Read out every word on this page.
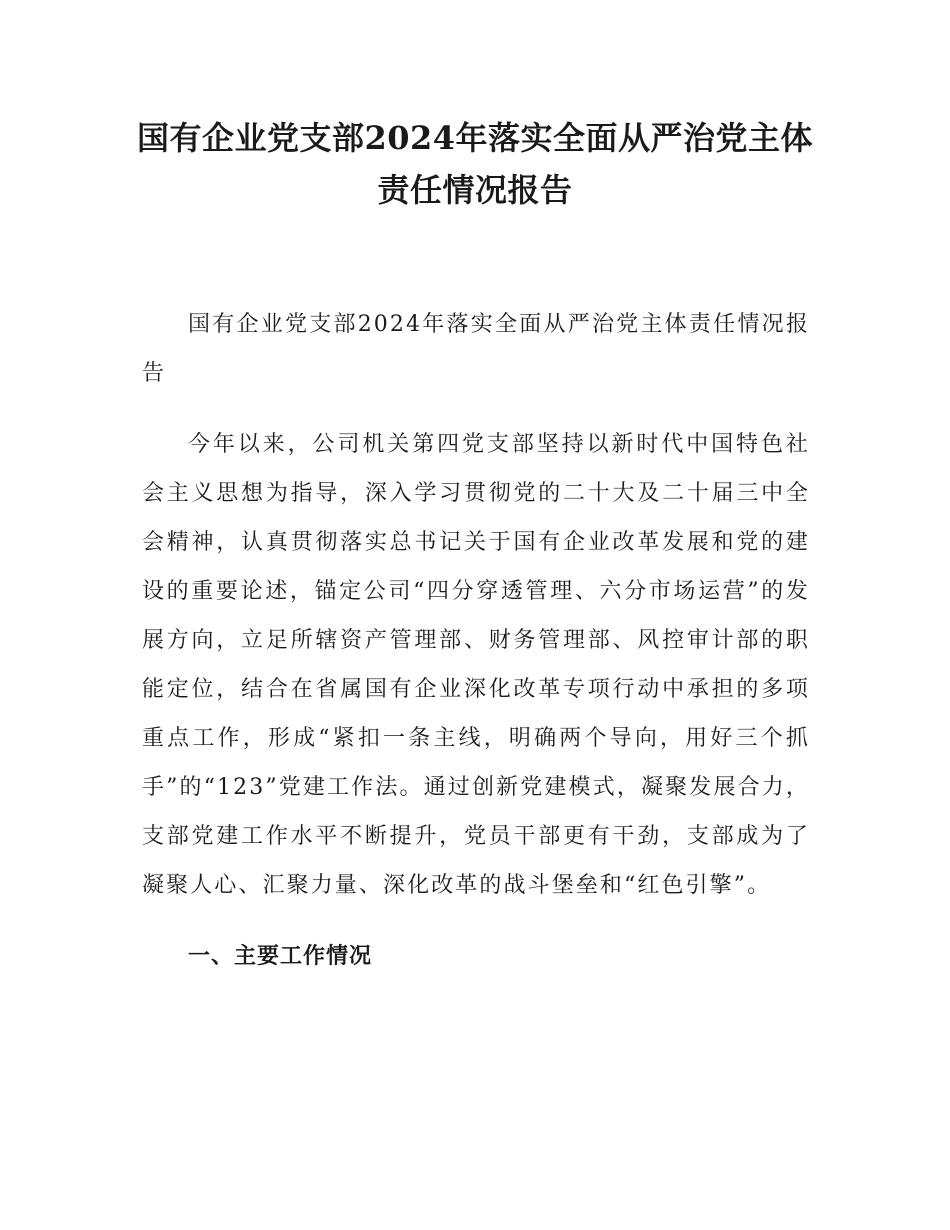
国有企业党支部2024年落实全面从严治党主体责任情况报告

国有企业党支部2024年落实全面从严治党主体责任情况报告

今年以来，公司机关第四党支部坚持以新时代中国特色社会主义思想为指导，深入学习贯彻党的二十大及二十届三中全会精神，认真贯彻落实总书记关于国有企业改革发展和党的建设的重要论述，锚定公司“四分穿透管理、六分市场运营”的发展方向，立足所辖资产管理部、财务管理部、风控审计部的职能定位，结合在省属国有企业深化改革专项行动中承担的多项重点工作，形成“紧扣一条主线，明确两个导向，用好三个抓手”的“123”党建工作法。通过创新党建模式，凝聚发展合力，支部党建工作水平不断提升，党员干部更有干劲，支部成为了凝聚人心、汇聚力量、深化改革的战斗堡垒和“红色引擎”。

一、主要工作情况
